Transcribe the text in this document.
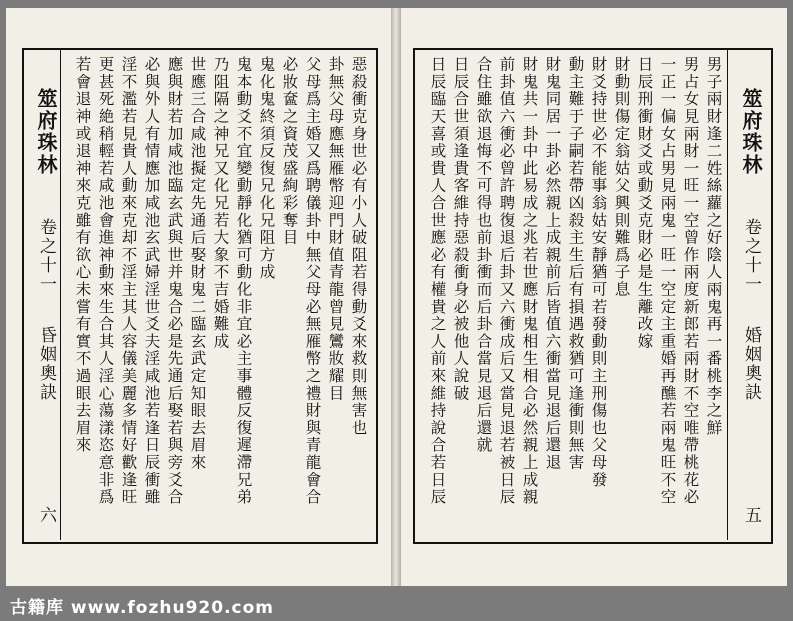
惡殺衝克身世必有小人破阻若得動爻來救則無害也
卦無父母應無雁幣迎門財值青龍曾見鸞妝耀目
父母爲主婚又爲聘儀卦中無父母必無雁幣之禮財與青龍會合
必妝奩之資茂盛絢彩奪目
鬼化鬼終須反復兄化兄阻方成
鬼本動爻不宜變動靜化猶可動化非宜必主事體反復遲滯兄弟
乃阻隔之神兄又化兄若大象不吉婚難成
世應三合咸池擬定先通后娶財鬼二臨玄武定知眼去眉來
應與財若加咸池臨玄武與世并鬼合必是先通后娶若與旁爻合
必與外人有情應加咸池玄武婦淫世爻夫淫咸池若逢日辰衝雖
淫不濫若見貴人動來克却不淫主其人容儀美麗多情好歡逢旺
更甚死絶稍輕若咸池會進神動來生合其人淫心蕩漾恣意非爲
若會退神或退神來克雖有欲心未嘗有實不過眼去眉來
筮府珠林
卷之十一
昏姻奧訣
六
男子兩財逢二姓絲蘿之好陰人兩鬼再一番桃李之鮮
男占女見兩財一旺一空曾作兩度新郎若兩財不空唯帶桃花必
一正一偏女占男見兩鬼一旺一空定主重婚再醮若兩鬼旺不空
日辰刑衝財爻或動爻克財必是生離改嫁
財動則傷定翁姑父興則難爲子息
財爻持世必不能事翁姑安靜猶可若發動則主刑傷也父母發
動主難于子嗣若帶凶殺主生后有損遇救猶可逢衝則無害
財鬼同居一卦必然親上成親前后皆值六衝當見退后還退
財鬼共一卦中此易成之兆若世應財鬼相生相合必然親上成親
前卦值六衝必曾許聘復退后卦又六衝成后又當見退若被日辰
合住雖欲退悔不可得也前卦衝而后卦合當見退后還就
日辰合世須逢貴客維持惡殺衝身必被他人說破
日辰臨天喜或貴人合世應必有權貴之人前來維持說合若日辰	筮府珠林
卷之十一
婚姻奧訣
五
古籍库 www.fozhu920.com
